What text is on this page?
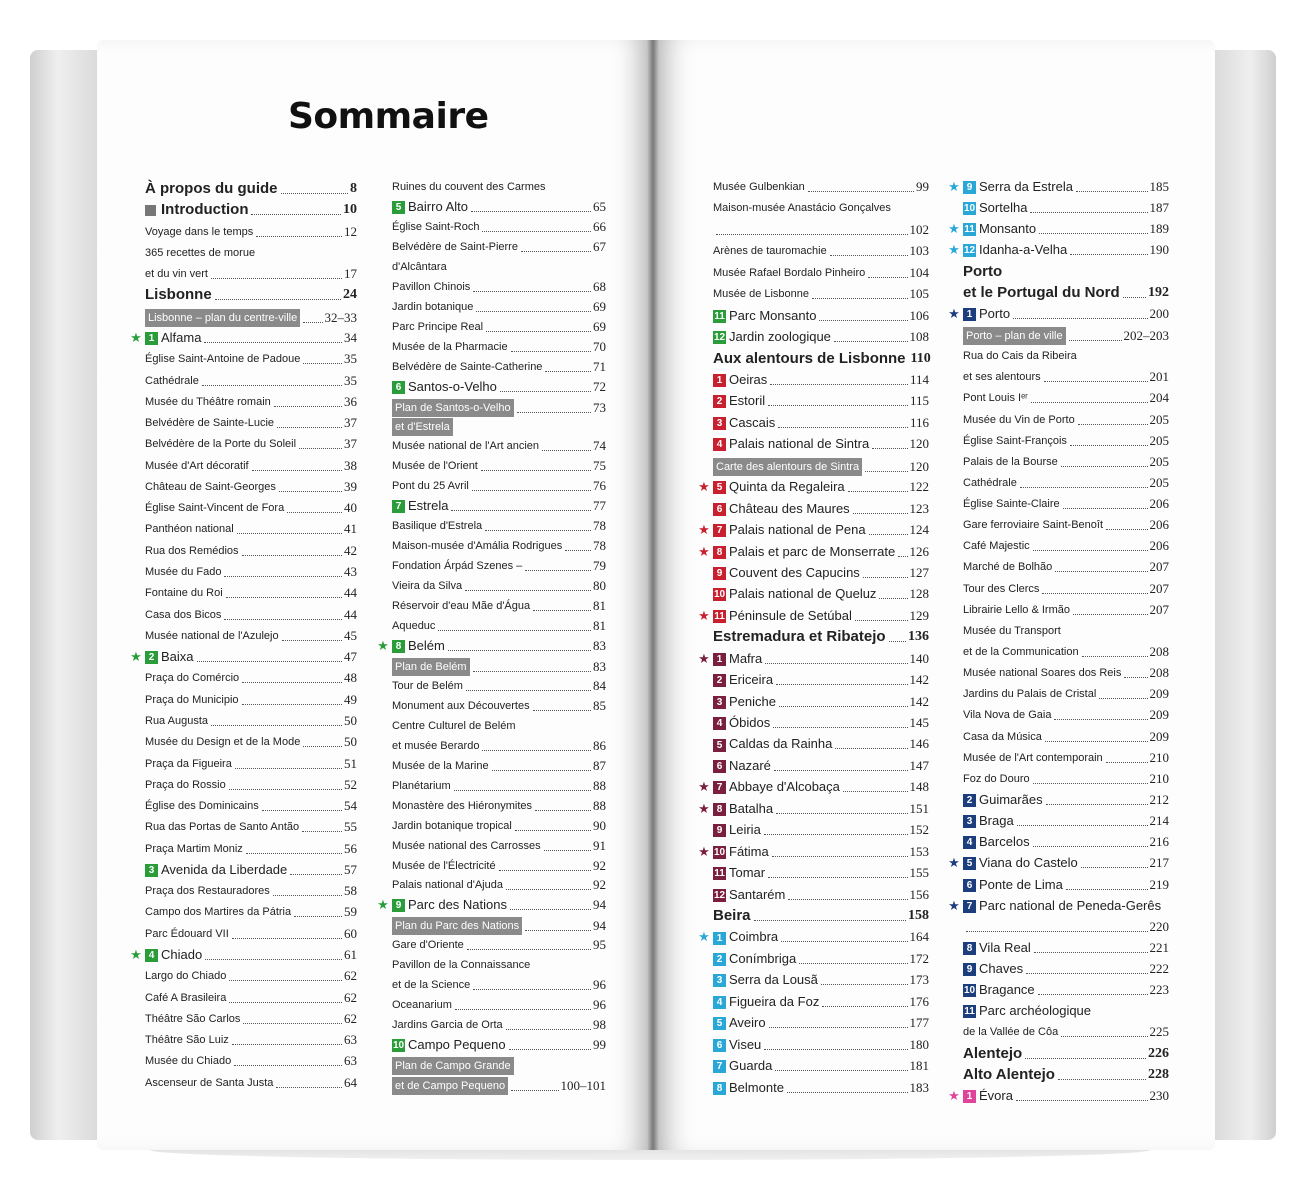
Sommaire
À propos du guide	8
Introduction	10
Voyage dans le temps	12
365 recettes de morue
et du vin vert	17
Lisbonne	24
Lisbonne – plan du centre-ville 32–33
★ 1 Alfama	34
Église Saint-Antoine de Padoue	35
Cathédrale	35
Musée du Théâtre romain	36
Belvédère de Sainte-Lucie	37
Belvédère de la Porte du Soleil	37
Musée d'Art décoratif	38
Château de Saint-Georges	39
Église Saint-Vincent de Fora	40
Panthéon national	41
Rua dos Remédios	42
Musée du Fado	43
Fontaine du Roi	44
Casa dos Bicos	44
Musée national de l'Azulejo	45
★ 2 Baixa	47
Praça do Comércio	48
Praça do Municipio	49
Rua Augusta	50
Musée du Design et de la Mode	50
Praça da Figueira	51
Praça do Rossio	52
Église des Dominicains	54
Rua das Portas de Santo Antão	55
Praça Martim Moniz	56
3 Avenida da Liberdade	57
Praça dos Restauradores	58
Campo dos Martires da Pátria	59
Parc Édouard VII	60
★ 4 Chiado	61
Largo do Chiado	62
Café A Brasileira	62
Théâtre São Carlos	62
Théâtre São Luiz	63
Musée du Chiado	63
Ascenseur de Santa Justa	64
Ruines du couvent des Carmes
5 Bairro Alto	65
Église Saint-Roch	66
Belvédère de Saint-Pierre	67
d'Alcântara
Pavillon Chinois	68
Jardin botanique	69
Parc Principe Real	69
Musée de la Pharmacie	70
Belvédère de Sainte-Catherine	71
6 Santos-o-Velho	72
Plan de Santos-o-Velho	73
et d'Estrela
Musée national de l'Art ancien	74
Musée de l'Orient	75
Pont du 25 Avril	76
7 Estrela	77
Basilique d'Estrela	78
Maison-musée d'Amália Rodrigues 78
Fondation Árpád Szenes –	79
Vieira da Silva	80
Réservoir d'eau Mãe d'Água	81
Aqueduc	81
★ 8 Belém	83
Plan de Belém	83
Tour de Belém	84
Monument aux Découvertes	85
Centre Culturel de Belém
et musée Berardo	86
Musée de la Marine	87
Planétarium	88
Monastère des Hiéronymites	88
Jardin botanique tropical	90
Musée national des Carrosses	91
Musée de l'Électricité	92
Palais national d'Ajuda	92
★ 9 Parc des Nations	94
Plan du Parc des Nations	94
Gare d'Oriente	95
Pavillon de la Connaissance
et de la Science	96
Oceanarium	96
Jardins Garcia de Orta	98
10 Campo Pequeno	99
Plan de Campo Grande
et de Campo Pequeno	100–101
Musée Gulbenkian	99
Maison-musée Anastácio Gonçalves
102
Arènes de tauromachie	103
Musée Rafael Bordalo Pinheiro	104
Musée de Lisbonne	105
11 Parc Monsanto	106
12 Jardin zoologique	108
Aux alentours de Lisbonne 110
1 Oeiras	114
2 Estoril	115
3 Cascais	116
4 Palais national de Sintra	120
Carte des alentours de Sintra	120
★ 5 Quinta da Regaleira	122
6 Château des Maures	123
★ 7 Palais national de Pena	124
★ 8 Palais et parc de Monserrate 126
9 Couvent des Capucins	127
10 Palais national de Queluz	128
★ 11 Péninsule de Setúbal	129
Estremadura et Ribatejo 136
★ 1 Mafra	140
2 Ericeira	142
3 Peniche	142
4 Óbidos	145
5 Caldas da Rainha	146
6 Nazaré	147
★ 7 Abbaye d'Alcobaça	148
★ 8 Batalha	151
9 Leiria	152
★ 10 Fátima	153
11 Tomar	155
12 Santarém	156
Beira	158
★ 1 Coimbra	164
2 Conímbriga	172
3 Serra da Lousã	173
4 Figueira da Foz	176
5 Aveiro	177
6 Viseu	180
7 Guarda	181
8 Belmonte	183
★ 9 Serra da Estrela	185
10 Sortelha	187
★ 11 Monsanto	189
★ 12 Idanha-a-Velha	190
Porto
et le Portugal du Nord 192
★ 1 Porto	200
Porto – plan de ville	202–203
Rua do Cais da Ribeira
et ses alentours	201
Pont Louis Iᵉʳ	204
Musée du Vin de Porto	205
Église Saint-François	205
Palais de la Bourse	205
Cathédrale	205
Église Sainte-Claire	206
Gare ferroviaire Saint-Benoît	206
Café Majestic	206
Marché de Bolhão	207
Tour des Clercs	207
Librairie Lello & Irmão	207
Musée du Transport
et de la Communication	208
Musée national Soares dos Reis 208
Jardins du Palais de Cristal	209
Vila Nova de Gaia	209
Casa da Música	209
Musée de l'Art contemporain	210
Foz do Douro	210
2 Guimarães	212
3 Braga	214
4 Barcelos	216
★ 5 Viana do Castelo	217
6 Ponte de Lima	219
★ 7 Parc national de Peneda-Gerês
220
8 Vila Real	221
9 Chaves	222
10 Bragance	223
11 Parc archéologique
de la Vallée de Côa	225
Alentejo	226
Alto Alentejo	228
★ 1 Évora	230
